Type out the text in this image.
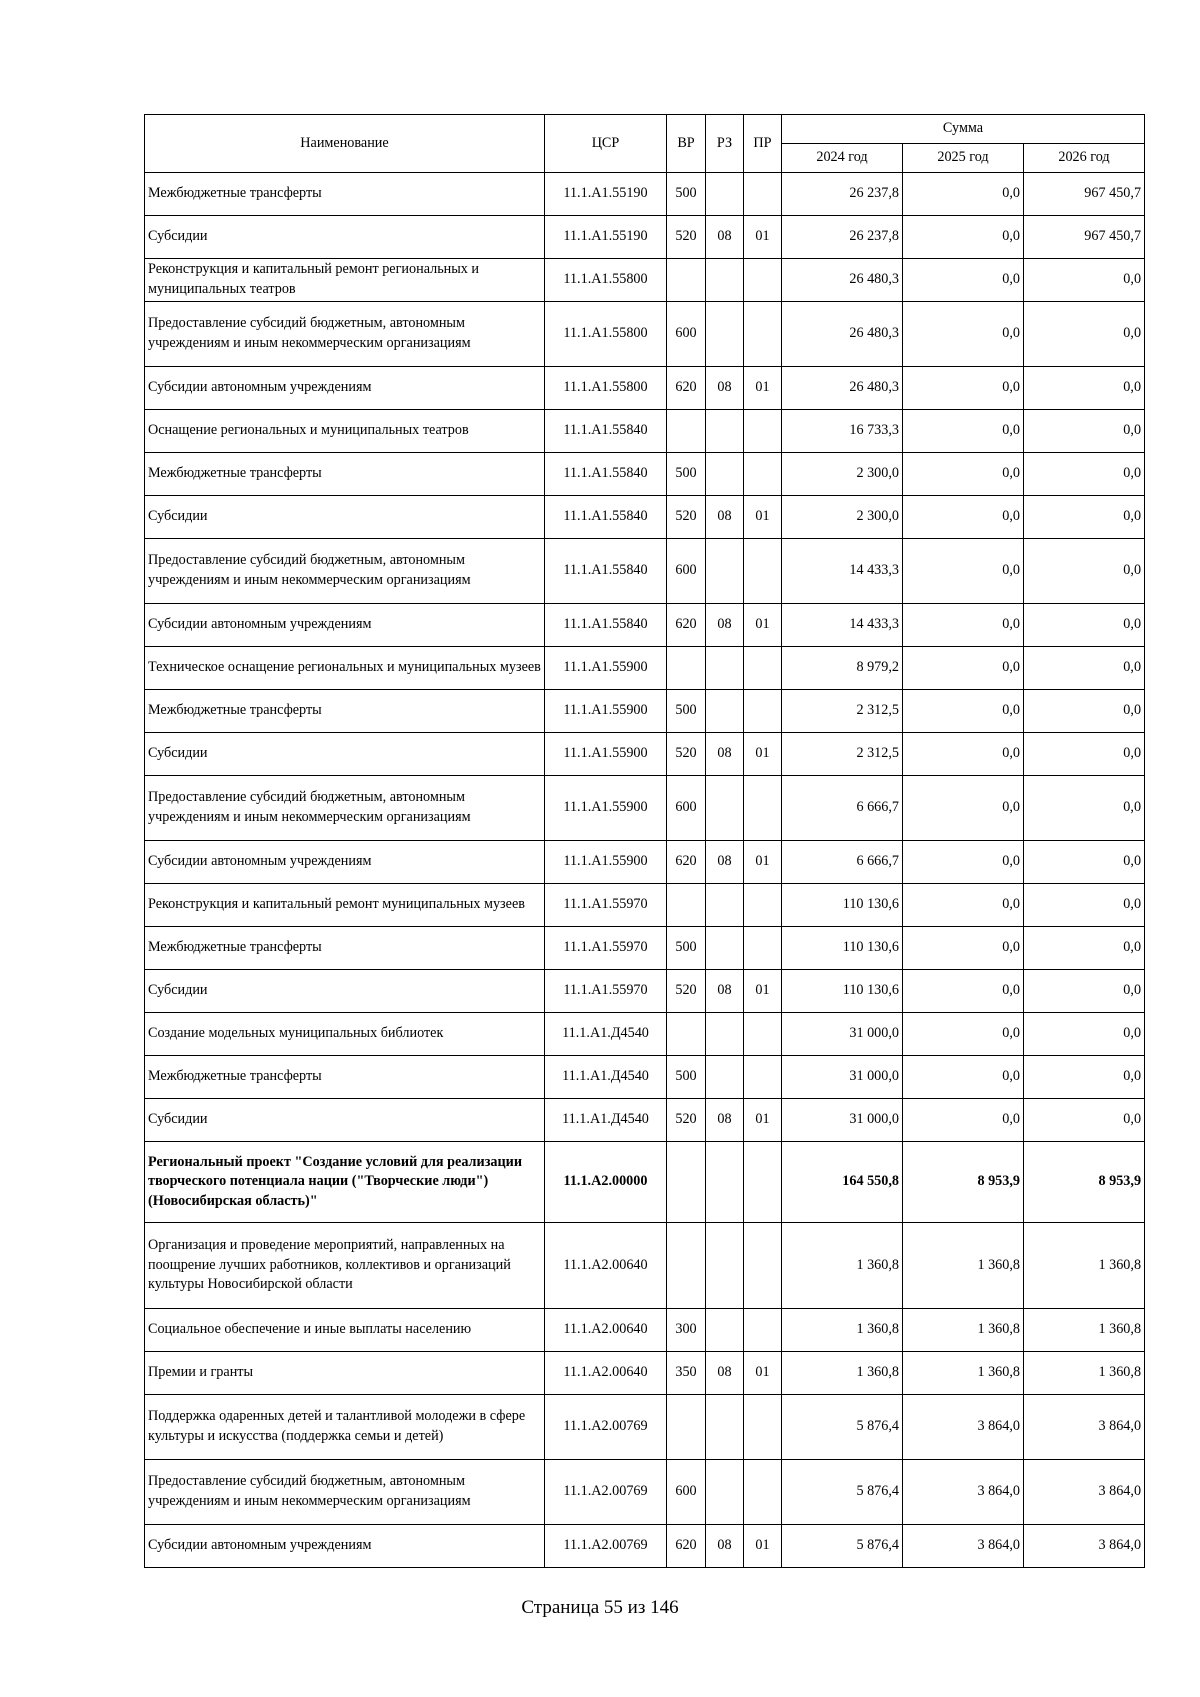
Наименование	ЦСР	ВР	РЗ	ПР	Сумма		
					2024 год	2025 год	2026 год
Межбюджетные трансферты	11.1.А1.55190	500			26 237,8	0,0	967 450,7
Субсидии	11.1.А1.55190	520	08	01	26 237,8	0,0	967 450,7
Реконструкция и капитальный ремонт региональных и муниципальных театров	11.1.А1.55800				26 480,3	0,0	0,0
Предоставление субсидий бюджетным, автономным учреждениям и иным некоммерческим организациям	11.1.А1.55800	600			26 480,3	0,0	0,0
Субсидии автономным учреждениям	11.1.А1.55800	620	08	01	26 480,3	0,0	0,0
Оснащение региональных и муниципальных театров	11.1.А1.55840				16 733,3	0,0	0,0
Межбюджетные трансферты	11.1.А1.55840	500			2 300,0	0,0	0,0
Субсидии	11.1.А1.55840	520	08	01	2 300,0	0,0	0,0
Предоставление субсидий бюджетным, автономным учреждениям и иным некоммерческим организациям	11.1.А1.55840	600			14 433,3	0,0	0,0
Субсидии автономным учреждениям	11.1.А1.55840	620	08	01	14 433,3	0,0	0,0
Техническое оснащение региональных и муниципальных музеев	11.1.А1.55900				8 979,2	0,0	0,0
Межбюджетные трансферты	11.1.А1.55900	500			2 312,5	0,0	0,0
Субсидии	11.1.А1.55900	520	08	01	2 312,5	0,0	0,0
Предоставление субсидий бюджетным, автономным учреждениям и иным некоммерческим организациям	11.1.А1.55900	600			6 666,7	0,0	0,0
Субсидии автономным учреждениям	11.1.А1.55900	620	08	01	6 666,7	0,0	0,0
Реконструкция и капитальный ремонт муниципальных музеев	11.1.А1.55970				110 130,6	0,0	0,0
Межбюджетные трансферты	11.1.А1.55970	500			110 130,6	0,0	0,0
Субсидии	11.1.А1.55970	520	08	01	110 130,6	0,0	0,0
Создание модельных муниципальных библиотек	11.1.А1.Д4540				31 000,0	0,0	0,0
Межбюджетные трансферты	11.1.А1.Д4540	500			31 000,0	0,0	0,0
Субсидии	11.1.А1.Д4540	520	08	01	31 000,0	0,0	0,0
Региональный проект "Создание условий для реализации творческого потенциала нации ("Творческие люди") (Новосибирская область)"	11.1.А2.00000				164 550,8	8 953,9	8 953,9
Организация и проведение мероприятий, направленных на поощрение лучших работников, коллективов и организаций культуры Новосибирской области	11.1.А2.00640				1 360,8	1 360,8	1 360,8
Социальное обеспечение и иные выплаты населению	11.1.А2.00640	300			1 360,8	1 360,8	1 360,8
Премии и гранты	11.1.А2.00640	350	08	01	1 360,8	1 360,8	1 360,8
Поддержка одаренных детей и талантливой молодежи в сфере культуры и искусства (поддержка семьи и детей)	11.1.А2.00769				5 876,4	3 864,0	3 864,0
Предоставление субсидий бюджетным, автономным учреждениям и иным некоммерческим организациям	11.1.А2.00769	600			5 876,4	3 864,0	3 864,0
Субсидии автономным учреждениям	11.1.А2.00769	620	08	01	5 876,4	3 864,0	3 864,0
Страница 55 из 146
